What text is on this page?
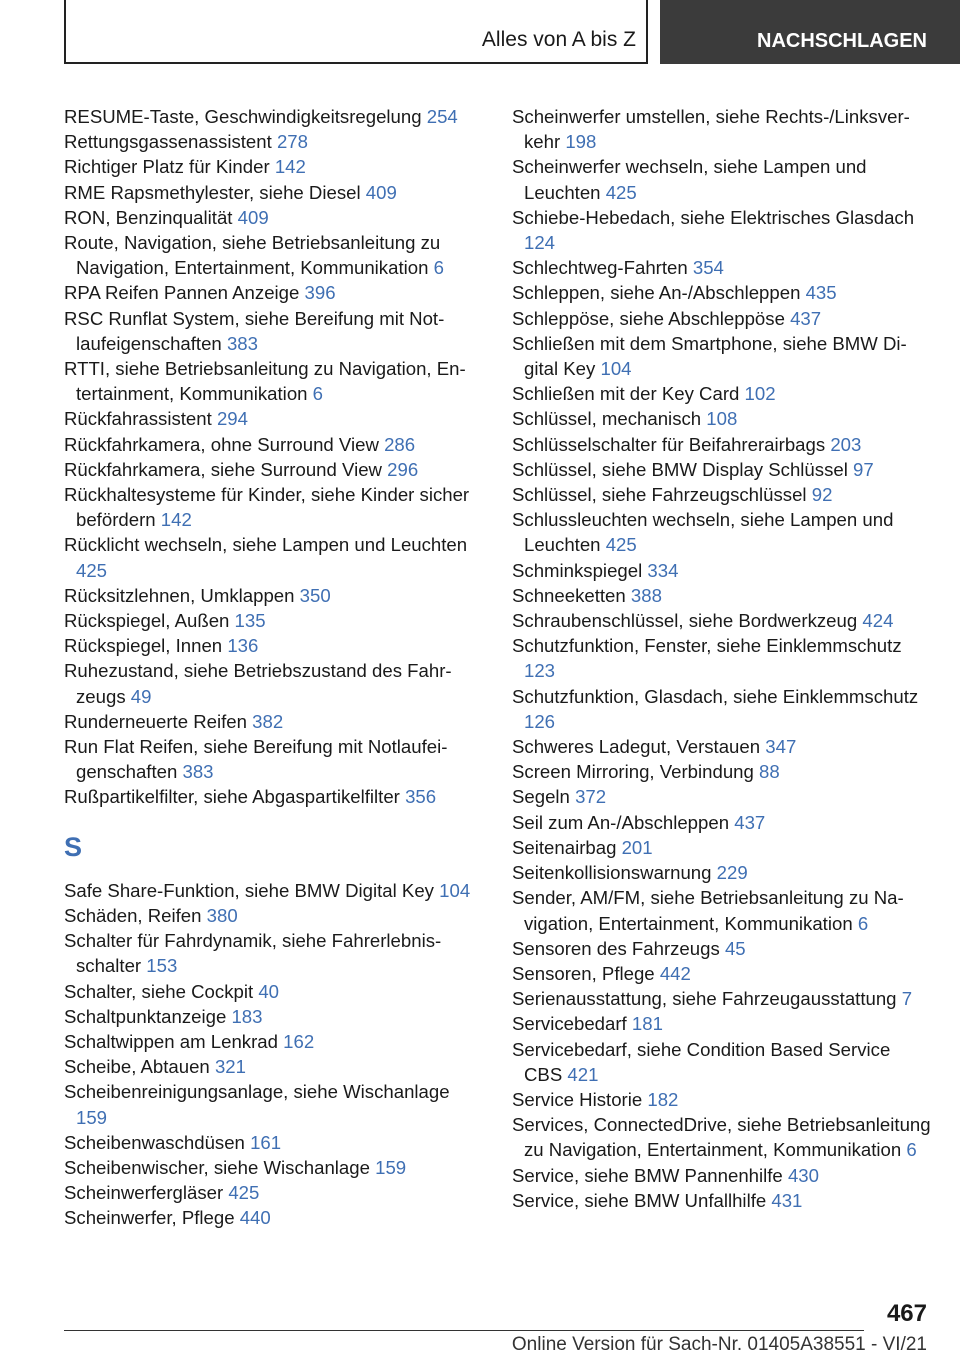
Alles von A bis Z	NACHSCHLAGEN
RESUME-Taste, Geschwindigkeitsregelung 254
Rettungsgassenassistent 278
Richtiger Platz für Kinder 142
RME Rapsmethylester, siehe Diesel 409
RON, Benzinqualität 409
Route, Navigation, siehe Betriebsanleitung zu Navigation, Entertainment, Kommunikation 6
RPA Reifen Pannen Anzeige 396
RSC Runflat System, siehe Bereifung mit Notlaufeigenschaften 383
RTTI, siehe Betriebsanleitung zu Navigation, Entertainment, Kommunikation 6
Rückfahrassistent 294
Rückfahrkamera, ohne Surround View 286
Rückfahrkamera, siehe Surround View 296
Rückhaltesysteme für Kinder, siehe Kinder sicher befördern 142
Rücklicht wechseln, siehe Lampen und Leuchten 425
Rücksitzlehnen, Umklappen 350
Rückspiegel, Außen 135
Rückspiegel, Innen 136
Ruhezustand, siehe Betriebszustand des Fahrzeugs 49
Runderneuerte Reifen 382
Run Flat Reifen, siehe Bereifung mit Notlaufeigenschaften 383
Rußpartikelfilter, siehe Abgaspartikelfilter 356
S
Safe Share-Funktion, siehe BMW Digital Key 104
Schäden, Reifen 380
Schalter für Fahrdynamik, siehe Fahrerlebnisschalter 153
Schalter, siehe Cockpit 40
Schaltpunktanzeige 183
Schaltwippen am Lenkrad 162
Scheibe, Abtauen 321
Scheibenreinigungsanlage, siehe Wischanlage 159
Scheibenwaschdüsen 161
Scheibenwischer, siehe Wischanlage 159
Scheinwerfergläser 425
Scheinwerfer, Pflege 440
Scheinwerfer umstellen, siehe Rechts-/Linksverkehr 198
Scheinwerfer wechseln, siehe Lampen und Leuchten 425
Schiebe-Hebedach, siehe Elektrisches Glasdach 124
Schlechtweg-Fahrten 354
Schleppen, siehe An-/Abschleppen 435
Schleppöse, siehe Abschleppöse 437
Schließen mit dem Smartphone, siehe BMW Digital Key 104
Schließen mit der Key Card 102
Schlüssel, mechanisch 108
Schlüsselschalter für Beifahrerairbags 203
Schlüssel, siehe BMW Display Schlüssel 97
Schlüssel, siehe Fahrzeugschlüssel 92
Schlussleuchten wechseln, siehe Lampen und Leuchten 425
Schminkspiegel 334
Schneeketten 388
Schraubenschlüssel, siehe Bordwerkzeug 424
Schutzfunktion, Fenster, siehe Einklemmschutz 123
Schutzfunktion, Glasdach, siehe Einklemmschutz 126
Schweres Ladegut, Verstauen 347
Screen Mirroring, Verbindung 88
Segeln 372
Seil zum An-/Abschleppen 437
Seitenairbag 201
Seitenkollisionswarnung 229
Sender, AM/FM, siehe Betriebsanleitung zu Navigation, Entertainment, Kommunikation 6
Sensoren des Fahrzeugs 45
Sensoren, Pflege 442
Serienausstattung, siehe Fahrzeugausstattung 7
Servicebedarf 181
Servicebedarf, siehe Condition Based Service CBS 421
Service Historie 182
Services, ConnectedDrive, siehe Betriebsanleitung zu Navigation, Entertainment, Kommunikation 6
Service, siehe BMW Pannenhilfe 430
Service, siehe BMW Unfallhilfe 431
467
Online Version für Sach-Nr. 01405A38551 - VI/21
